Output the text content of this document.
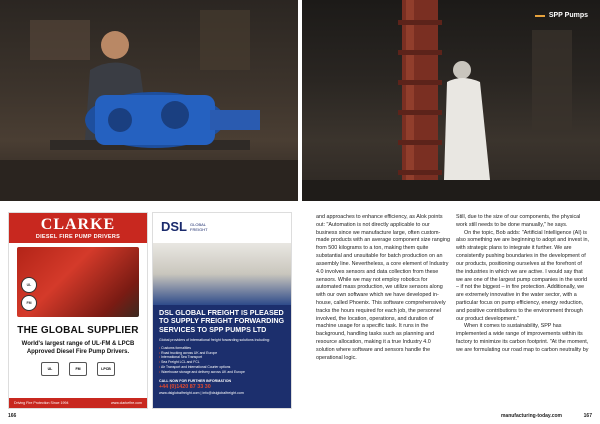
SPP Pumps
CLARKE
DIESEL FIRE PUMP DRIVERS
UL
FM
THE GLOBAL SUPPLIER
World's largest range of UL-FM & LPCB
Approved Diesel Fire Pump Drivers.
UL	FM	LPCB
Driving Fire Protection Since 1994	www.clarkefire.com
DSL GLOBAL FREIGHT
DSL GLOBAL FREIGHT IS PLEASED TO SUPPLY FREIGHT FORWARDING SERVICES TO SPP PUMPS LTD
Global providers of international freight forwarding solutions including:
• Customs formalities
• Road trucking across UK and Europe
• International Sea Transport
• Sea Freight LCL and FCL
• Air Transport and international Courier options
• Warehouse storage and delivery across UK and Europe
CALL NOW FOR FURTHER INFORMATION
+44 (0)1420 87 33 30
www.dslglobalfreight.com | info@dslglobalfreight.com

and approaches to enhance efficiency, as Alok points out: "Automation is not directly applicable to our business since we manufacture large, often custom-made products with an average component size ranging from 500 kilograms to a ton, making them quite substantial and unsuitable for batch production on an assembly line. Nevertheless, a core element of Industry 4.0 involves sensors and data collection from these sensors. While we may not employ robotics for automated mass production, we utilize sensors along with our own software which we have developed in-house, called Phoenix. This software comprehensively tracks the hours required for each job, the personnel involved, the location, operations, and duration of machine usage for a specific task. It runs in the background, handling tasks such as planning and resource allocation, making it a true Industry 4.0 solution where software and sensors handle the operational logic.

Still, due to the size of our components, the physical work still needs to be done manually," he says.

On the topic, Bob adds: "Artificial Intelligence (AI) is also something we are beginning to adopt and invest in, with strategic plans to integrate it further. We are consistently pushing boundaries in the development of our products, positioning ourselves at the forefront of the industries in which we are active. I would say that we are one of the largest pump companies in the world – if not the biggest – in fire protection. Additionally, we are extremely innovative in the water sector, with a particular focus on pump efficiency, energy reduction, and positive contributions to the environment through our product development."

When it comes to sustainability, SPP has implemented a wide range of improvements within its factory to minimize its carbon footprint. "At the moment, we are formulating our road map to carbon neutrality by

166	manufacturing-today.com	167
